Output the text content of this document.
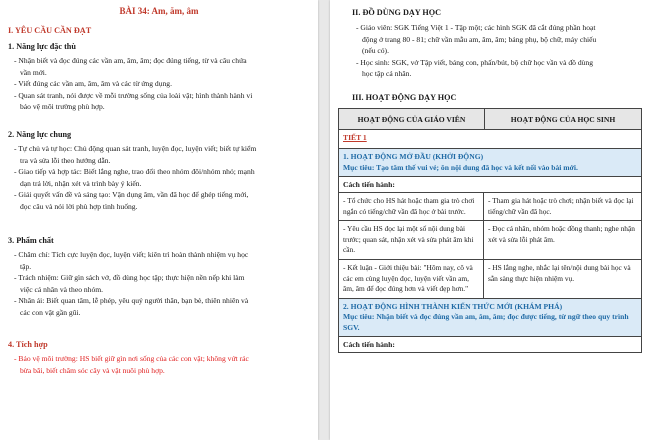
BÀI 34: Am, ăm, âm
I. YÊU CẦU CẦN ĐẠT
1. Năng lực đặc thù
- Nhận biết và đọc đúng các vần am, ăm, âm; đọc đúng tiếng, từ và câu chứa
vần mới.
- Viết đúng các vần am, ăm, âm và các từ ứng dụng.
- Quan sát tranh, nói được về mỗi trường sống của loài vật; hình thành hành vi
bảo vệ môi trường phù hợp.
2. Năng lực chung
- Tự chủ và tự học: Chủ động quan sát tranh, luyện đọc, luyện viết; biết tự kiểm
tra và sửa lỗi theo hướng dẫn.
- Giao tiếp và hợp tác: Biết lắng nghe, trao đổi theo nhóm đôi/nhóm nhỏ; mạnh
dạn trả lời, nhận xét và trình bày ý kiến.
- Giải quyết vấn đề và sáng tạo: Vận dụng âm, vần đã học để ghép tiếng mới,
đọc câu và nói lời phù hợp tình huống.
3. Phẩm chất
- Chăm chỉ: Tích cực luyện đọc, luyện viết; kiên trì hoàn thành nhiệm vụ học
tập.
- Trách nhiệm: Giữ gìn sách vở, đồ dùng học tập; thực hiện nền nếp khi làm
việc cá nhân và theo nhóm.
- Nhân ái: Biết quan tâm, lễ phép, yêu quý người thân, bạn bè, thiên nhiên và
các con vật gần gũi.
4. Tích hợp
- Bảo vệ môi trường: HS biết giữ gìn nơi sống của các con vật; không vứt rác
bừa bãi, biết chăm sóc cây và vật nuôi phù hợp.
II. ĐỒ DÙNG DẠY HỌC
- Giáo viên: SGK Tiếng Việt 1 - Tập một; các hình SGK đã cắt đúng phần hoạt
động ở trang 80 - 81; chữ vần mẫu am, ăm, âm; bảng phụ, bộ chữ, máy chiếu
(nếu có).
- Học sinh: SGK, vở Tập viết, bảng con, phấn/bút, bộ chữ học vần và đồ dùng
học tập cá nhân.
III. HOẠT ĐỘNG DẠY HỌC
HOẠT ĐỘNG CỦA GIÁO VIÊN	HOẠT ĐỘNG CỦA HỌC SINH
TIẾT 1
1. HOẠT ĐỘNG MỞ ĐẦU (KHỞI ĐỘNG)
Mục tiêu: Tạo tâm thế vui vẻ; ôn nội dung đã học và kết nối vào bài mới.
Cách tiến hành:
- Tổ chức cho HS hát hoặc tham gia trò chơi ngắn có tiếng/chữ vần đã học ở bài trước.
- Tham gia hát hoặc trò chơi; nhận biết và đọc lại tiếng/chữ vần đã học.
- Yêu cầu HS đọc lại một số nội dung bài trước; quan sát, nhận xét và sửa phát âm khi cần.
- Đọc cá nhân, nhóm hoặc đồng thanh; nghe nhận xét và sửa lỗi phát âm.
- Kết luận - Giới thiệu bài: "Hôm nay, cô và các em cùng luyện đọc, luyện viết vần am, ăm, âm để đọc đúng hơn và viết đẹp hơn."
- HS lắng nghe, nhắc lại tên/nội dung bài học và sẵn sàng thực hiện nhiệm vụ.
2. HOẠT ĐỘNG HÌNH THÀNH KIẾN THỨC MỚI (KHÁM PHÁ)
Mục tiêu: Nhận biết và đọc đúng vần am, ăm, âm; đọc được tiếng, từ ngữ theo quy trình SGV.
Cách tiến hành:
